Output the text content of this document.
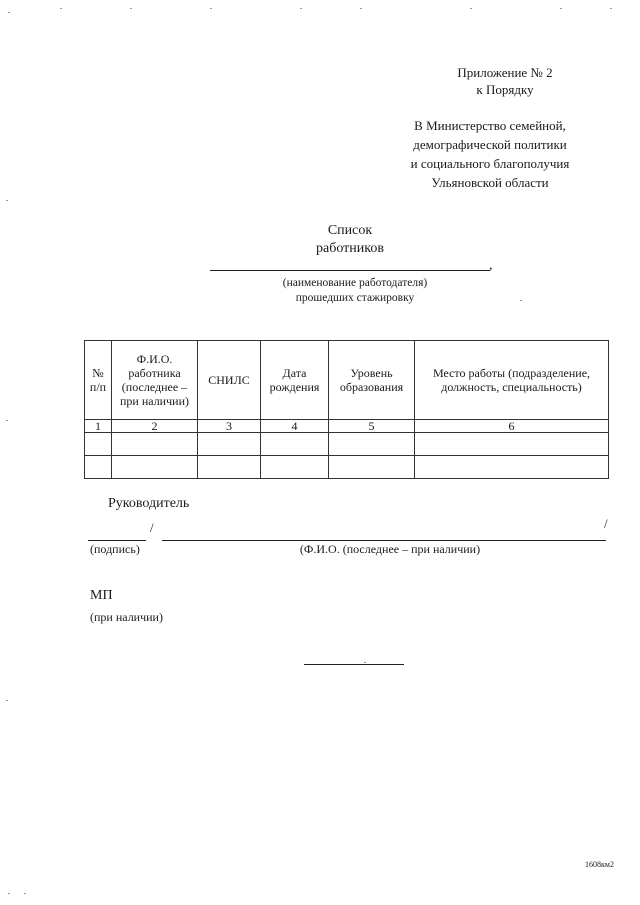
Приложение № 2
к Порядку
В Министерство семейной,
демографической политики
и социального благополучия
Ульяновской области
Список
работников
,
(наименование работодателя)
прошедших стажировку
№ п/п	Ф.И.О. работника (последнее – при наличии)	СНИЛС	Дата рождения	Уровень образования	Место работы (подразделение, должность, специальность)
1	2	3	4	5	6

Руководитель
/	/
(подпись)	(Ф.И.О. (последнее – при наличии)
МП
(при наличии)
1608км2
